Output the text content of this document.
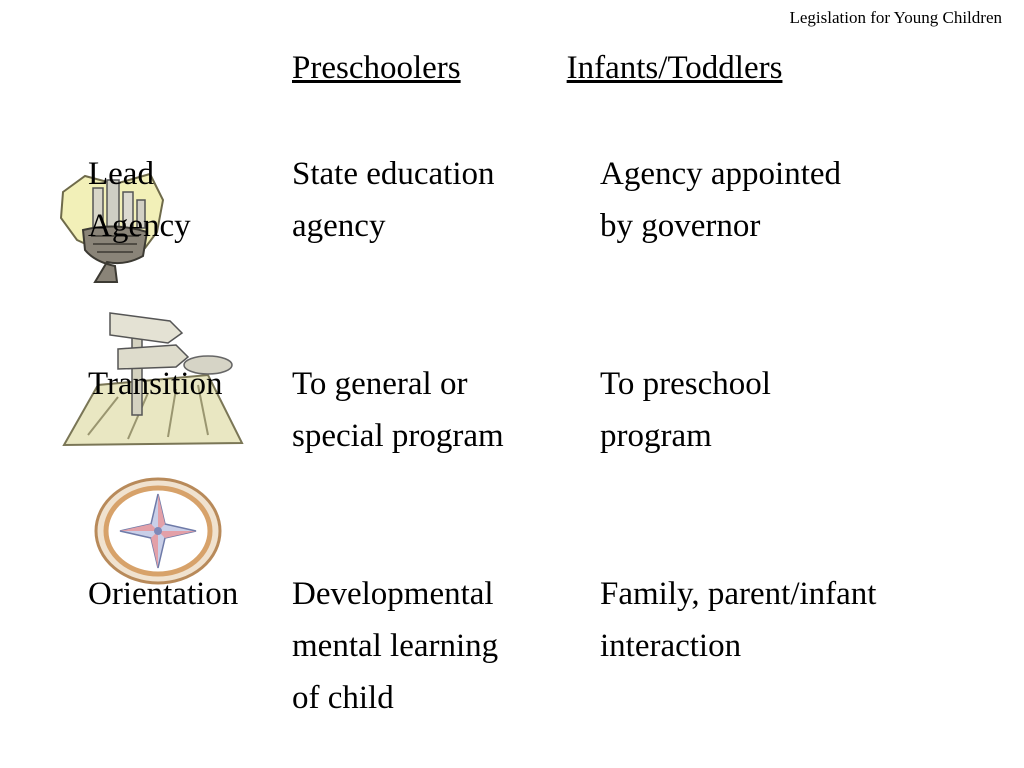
Legislation for Young Children
Preschoolers	Infants/Toddlers
Lead
Agency
State education
agency
Agency appointed
by governor
Transition To general or
special program
To preschool
program
Orientation Developmental
mental learning
of child
Family, parent/infant
interaction
